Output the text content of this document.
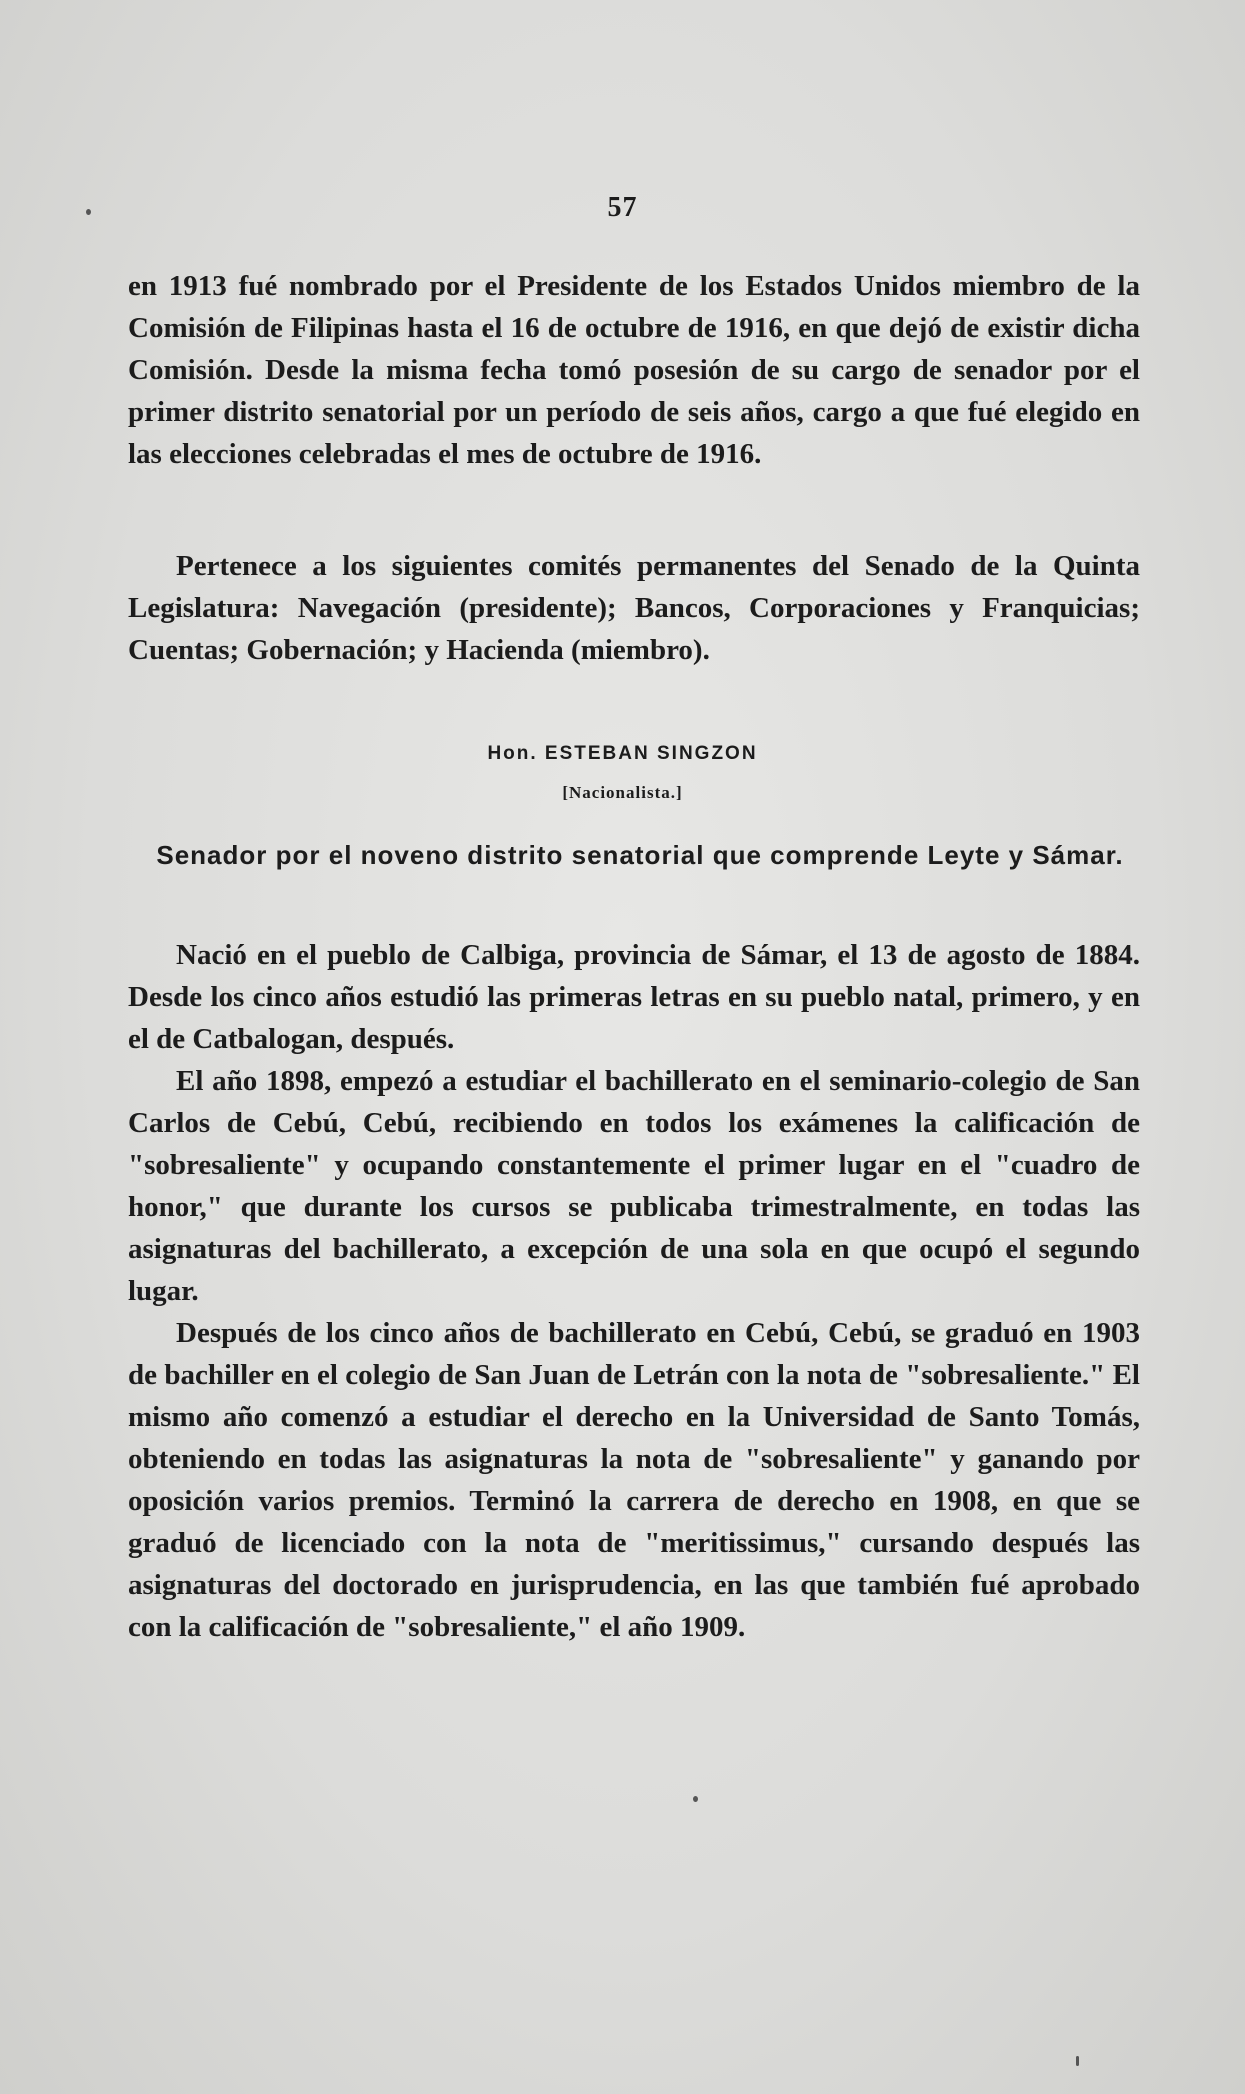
57

en 1913 fué nombrado por el Presidente de los Estados Unidos miembro de la Comisión de Filipinas hasta el 16 de octubre de 1916, en que dejó de existir dicha Comisión. Desde la misma fecha tomó posesión de su cargo de senador por el primer distrito senatorial por un período de seis años, cargo a que fué elegido en las elecciones celebradas el mes de octubre de 1916.

Pertenece a los siguientes comités permanentes del Senado de la Quinta Legislatura: Navegación (presidente); Bancos, Corporaciones y Franquicias; Cuentas; Gobernación; y Hacienda (miembro).

Hon. ESTEBAN SINGZON
[Nacionalista.]
Senador por el noveno distrito senatorial que comprende Leyte y Sámar.

Nació en el pueblo de Calbiga, provincia de Sámar, el 13 de agosto de 1884. Desde los cinco años estudió las primeras letras en su pueblo natal, primero, y en el de Catbalogan, después.

El año 1898, empezó a estudiar el bachillerato en el seminario-colegio de San Carlos de Cebú, Cebú, recibiendo en todos los exámenes la calificación de "sobresaliente" y ocupando constantemente el primer lugar en el "cuadro de honor," que durante los cursos se publicaba trimestralmente, en todas las asignaturas del bachillerato, a excepción de una sola en que ocupó el segundo lugar.

Después de los cinco años de bachillerato en Cebú, Cebú, se graduó en 1903 de bachiller en el colegio de San Juan de Letrán con la nota de "sobresaliente." El mismo año comenzó a estudiar el derecho en la Universidad de Santo Tomás, obteniendo en todas las asignaturas la nota de "sobresaliente" y ganando por oposición varios premios. Terminó la carrera de derecho en 1908, en que se graduó de licenciado con la nota de "meritissimus," cursando después las asignaturas del doctorado en jurisprudencia, en las que también fué aprobado con la calificación de "sobresaliente," el año 1909.
